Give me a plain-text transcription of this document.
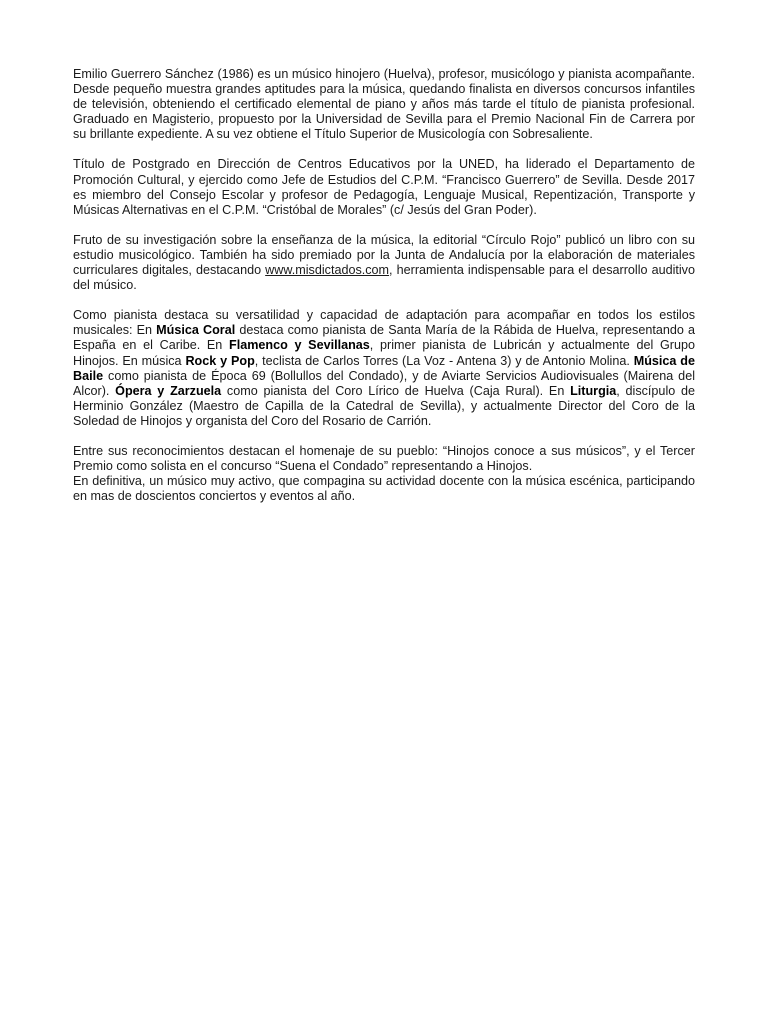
Emilio Guerrero Sánchez (1986) es un músico hinojero (Huelva), profesor, musicólogo y pianista acompañante. Desde pequeño muestra grandes aptitudes para la música, quedando finalista en diversos concursos infantiles de televisión, obteniendo el certificado elemental de piano y años más tarde el título de pianista profesional. Graduado en Magisterio, propuesto por la Universidad de Sevilla para el Premio Nacional Fin de Carrera por su brillante expediente. A su vez obtiene el Título Superior de Musicología con Sobresaliente.

Título de Postgrado en Dirección de Centros Educativos por la UNED, ha liderado el Departamento de Promoción Cultural, y ejercido como Jefe de Estudios del C.P.M. “Francisco Guerrero” de Sevilla. Desde 2017 es miembro del Consejo Escolar y profesor de Pedagogía, Lenguaje Musical, Repentización, Transporte y Músicas Alternativas en el C.P.M. “Cristóbal de Morales” (c/ Jesús del Gran Poder).

Fruto de su investigación sobre la enseñanza de la música, la editorial “Círculo Rojo” publicó un libro con su estudio musicológico. También ha sido premiado por la Junta de Andalucía por la elaboración de materiales curriculares digitales, destacando www.misdictados.com, herramienta indispensable para el desarrollo auditivo del músico.

Como pianista destaca su versatilidad y capacidad de adaptación para acompañar en todos los estilos musicales: En Música Coral destaca como pianista de Santa María de la Rábida de Huelva, representando a España en el Caribe. En Flamenco y Sevillanas, primer pianista de Lubricán y actualmente del Grupo Hinojos. En música Rock y Pop, teclista de Carlos Torres (La Voz - Antena 3) y de Antonio Molina. Música de Baile como pianista de Época 69 (Bollullos del Condado), y de Aviarte Servicios Audiovisuales (Mairena del Alcor). Ópera y Zarzuela como pianista del Coro Lírico de Huelva (Caja Rural). En Liturgia, discípulo de Herminio González (Maestro de Capilla de la Catedral de Sevilla), y actualmente Director del Coro de la Soledad de Hinojos y organista del Coro del Rosario de Carrión.

Entre sus reconocimientos destacan el homenaje de su pueblo: “Hinojos conoce a sus músicos”, y el Tercer Premio como solista en el concurso “Suena el Condado” representando a Hinojos.

En definitiva, un músico muy activo, que compagina su actividad docente con la música escénica, participando en mas de doscientos conciertos y eventos al año.
